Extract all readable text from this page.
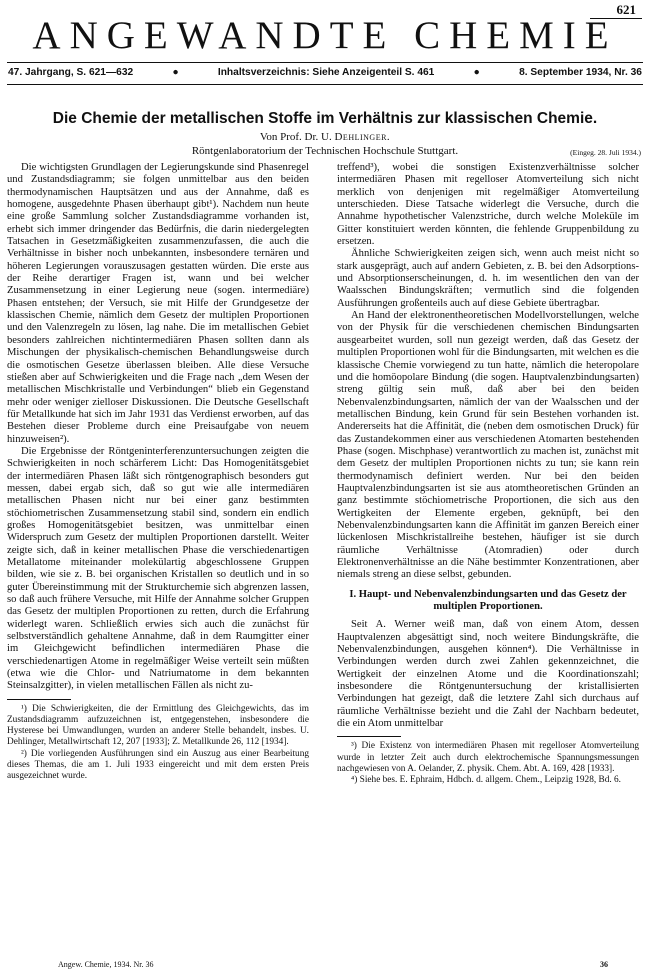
621
ANGEWANDTE CHEMIE
47. Jahrgang, S. 621—632	●	Inhaltsverzeichnis: Siehe Anzeigenteil S. 461	●	8. September 1934, Nr. 36
Die Chemie der metallischen Stoffe im Verhältnis zur klassischen Chemie.
Von Prof. Dr. U. Dehlinger.
Röntgenlaboratorium der Technischen Hochschule Stuttgart.	(Eingeg. 28. Juli 1934.)

Die wichtigsten Grundlagen der Legierungskunde sind Phasenregel und Zustandsdiagramm; sie folgen unmittelbar aus den beiden thermodynamischen Hauptsätzen und aus der Annahme, daß es homogene, ausgedehnte Phasen überhaupt gibt¹). Nachdem nun heute eine große Sammlung solcher Zustandsdiagramme vorhanden ist, erhebt sich immer dringender das Bedürfnis, die darin niedergelegten Tatsachen in Gesetzmäßigkeiten zusammenzufassen, die auch die Verhältnisse in bisher noch unbekannten, insbesondere ternären und höheren Legierungen vorauszusagen gestatten würden. Die erste aus der Reihe derartiger Fragen ist, wann und bei welcher Zusammensetzung in einer Legierung neue (sogen. intermediäre) Phasen entstehen; der Versuch, sie mit Hilfe der Grundgesetze der klassischen Chemie, nämlich dem Gesetz der multiplen Proportionen und den Valenzregeln zu lösen, lag nahe. Die im metallischen Gebiet besonders zahlreichen nichtintermediären Phasen sollten dann als Mischungen der physikalisch-chemischen Behandlungsweise durch die osmotischen Gesetze überlassen bleiben. Alle diese Versuche stießen aber auf Schwierigkeiten und die Frage nach „dem Wesen der metallischen Mischkristalle und Verbindungen“ blieb ein Gegenstand mehr oder weniger zielloser Diskussionen. Die Deutsche Gesellschaft für Metallkunde hat sich im Jahr 1931 das Verdienst erworben, auf das Bestehen dieser Probleme durch eine Preisaufgabe von neuem hinzuweisen²).

Die Ergebnisse der Röntgeninterferenzuntersuchungen zeigten die Schwierigkeiten in noch schärferem Licht: Das Homogenitätsgebiet der intermediären Phasen läßt sich röntgenographisch besonders gut messen, dabei ergab sich, daß so gut wie alle intermediären metallischen Phasen nicht nur bei einer ganz bestimmten stöchiometrischen Zusammensetzung stabil sind, sondern ein endlich großes Homogenitätsgebiet besitzen, was unmittelbar einen Widerspruch zum Gesetz der multiplen Proportionen darstellt. Weiter zeigte sich, daß in keiner metallischen Phase die verschiedenartigen Metallatome miteinander molekülartig abgeschlossene Gruppen bilden, wie sie z. B. bei organischen Kristallen so deutlich und in so guter Übereinstimmung mit der Strukturchemie sich abgrenzen lassen, so daß auch frühere Versuche, mit Hilfe der Annahme solcher Gruppen das Gesetz der multiplen Proportionen zu retten, durch die Erfahrung widerlegt waren. Schließlich erwies sich auch die zunächst für selbstverständlich gehaltene Annahme, daß in dem Raumgitter einer im Gleichgewicht befindlichen intermediären Phase die verschiedenartigen Atome in regelmäßiger Weise verteilt sein müßten (etwa wie die Chlor- und Natriumatome in dem bekannten Steinsalzgitter), in vielen metallischen Fällen als nicht zu-

¹) Die Schwierigkeiten, die der Ermittlung des Gleichgewichts, das im Zustandsdiagramm aufzuzeichnen ist, entgegenstehen, insbesondere die Hysterese bei Umwandlungen, wurden an anderer Stelle behandelt, insbes. U. Dehlinger, Metallwirtschaft 12, 207 [1933]; Z. Metallkunde 26, 112 [1934].

²) Die vorliegenden Ausführungen sind ein Auszug aus einer Bearbeitung dieses Themas, die am 1. Juli 1933 eingereicht und mit dem ersten Preis ausgezeichnet wurde.

treffend³), wobei die sonstigen Existenzverhältnisse solcher intermediären Phasen mit regelloser Atomverteilung sich nicht merklich von denjenigen mit regelmäßiger Atomverteilung unterschieden. Diese Tatsache widerlegt die Versuche, durch die Annahme hypothetischer Valenzstriche, durch welche Moleküle im Gitter konstituiert werden könnten, die fehlende Gruppenbildung zu ersetzen.

Ähnliche Schwierigkeiten zeigen sich, wenn auch meist nicht so stark ausgeprägt, auch auf andern Gebieten, z. B. bei den Adsorptions- und Absorptionserscheinungen, d. h. im wesentlichen den van der Waalsschen Bindungskräften; vermutlich sind die folgenden Ausführungen großenteils auch auf diese Gebiete übertragbar.

An Hand der elektronentheoretischen Modellvorstellungen, welche von der Physik für die verschiedenen chemischen Bindungsarten ausgearbeitet wurden, soll nun gezeigt werden, daß das Gesetz der multiplen Proportionen wohl für die Bindungsarten, mit welchen es die klassische Chemie vorwiegend zu tun hatte, nämlich die heteropolare und die homöopolare Bindung (die sogen. Hauptvalenzbindungsarten) streng gültig sein muß, daß aber bei den beiden Nebenvalenzbindungsarten, nämlich der van der Waalsschen und der metallischen Bindung, kein Grund für sein Bestehen vorhanden ist. Andererseits hat die Affinität, die (neben dem osmotischen Druck) für das Zustandekommen einer aus verschiedenen Atomarten bestehenden Phase (sogen. Mischphase) verantwortlich zu machen ist, zunächst mit dem Gesetz der multiplen Proportionen nichts zu tun; sie kann rein thermodynamisch definiert werden. Nur bei den beiden Hauptvalenzbindungsarten ist sie aus atomtheoretischen Gründen an ganz bestimmte stöchiometrische Proportionen, die sich aus den Wertigkeiten der Elemente ergeben, geknüpft, bei den Nebenvalenzbindungsarten kann die Affinität im ganzen Bereich einer lückenlosen Mischkristallreihe bestehen, häufiger ist sie durch räumliche Verhältnisse (Atomradien) oder durch Elektronenverhältnisse an die Nähe bestimmter Konzentrationen, aber niemals streng an diese selbst, gebunden.

I. Haupt- und Nebenvalenzbindungsarten und das Gesetz der multiplen Proportionen.

Seit A. Werner weiß man, daß von einem Atom, dessen Hauptvalenzen abgesättigt sind, noch weitere Bindungskräfte, die Nebenvalenzbindungen, ausgehen können⁴). Die Verhältnisse in Verbindungen werden durch zwei Zahlen gekennzeichnet, die Wertigkeit der einzelnen Atome und die Koordinationszahl; insbesondere die Röntgenuntersuchung der kristallisierten Verbindungen hat gezeigt, daß die letztere Zahl sich durchaus auf räumliche Verhältnisse bezieht und die Zahl der Nachbarn bedeutet, die ein Atom unmittelbar

³) Die Existenz von intermediären Phasen mit regelloser Atomverteilung wurde in letzter Zeit auch durch elektrochemische Spannungsmessungen nachgewiesen von A. Oelander, Z. physik. Chem. Abt. A. 169, 428 [1933].

⁴) Siehe bes. E. Ephraim, Hdbch. d. allgem. Chem., Leipzig 1928, Bd. 6.

Angew. Chemie, 1934. Nr. 36	36
